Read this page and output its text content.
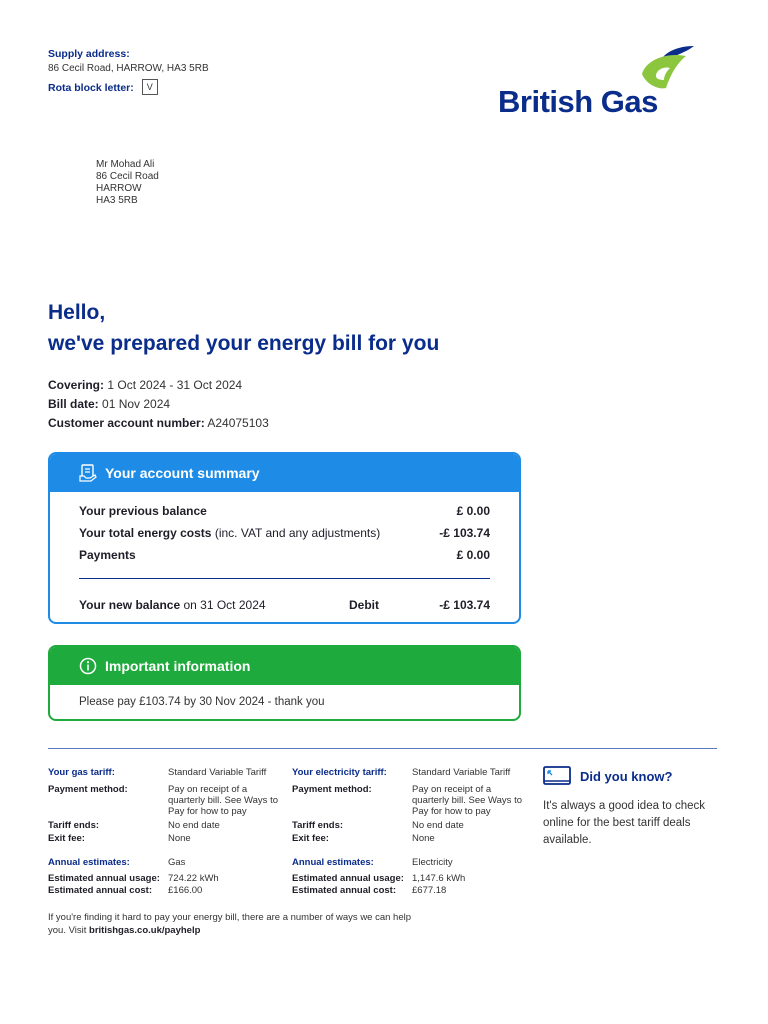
Supply address:
86 Cecil Road, HARROW, HA3 5RB
Rota block letter: V	British Gas
Mr Mohad Ali
86 Cecil Road
HARROW
HA3 5RB
Hello,
we've prepared your energy bill for you
Covering: 1 Oct 2024 - 31 Oct 2024
Bill date: 01 Nov 2024
Customer account number: A24075103
Your account summary
Your previous balance	£ 0.00
Your total energy costs (inc. VAT and any adjustments)	-£ 103.74
Payments	£ 0.00
Your new balance on 31 Oct 2024	Debit	-£ 103.74
Important information
Please pay £103.74 by 30 Nov 2024 - thank you
Your gas tariff:	Standard Variable Tariff
Payment method:	Pay on receipt of a
quarterly bill. See Ways to
Pay for how to pay
Tariff ends:	No end date
Exit fee:	None
Annual estimates:	Gas
Estimated annual usage: 724.22 kWh
Estimated annual cost: £166.00
Your electricity tariff:	Standard Variable Tariff
Payment method:	Pay on receipt of a
quarterly bill. See Ways to
Pay for how to pay
Tariff ends:	No end date
Exit fee:	None
Annual estimates:	Electricity
Estimated annual usage: 1,147.6 kWh
Estimated annual cost: £677.18
Did you know?
It's always a good idea to check
online for the best tariff deals
available.
If you're finding it hard to pay your energy bill, there are a number of ways we can help
you. Visit britishgas.co.uk/payhelp
